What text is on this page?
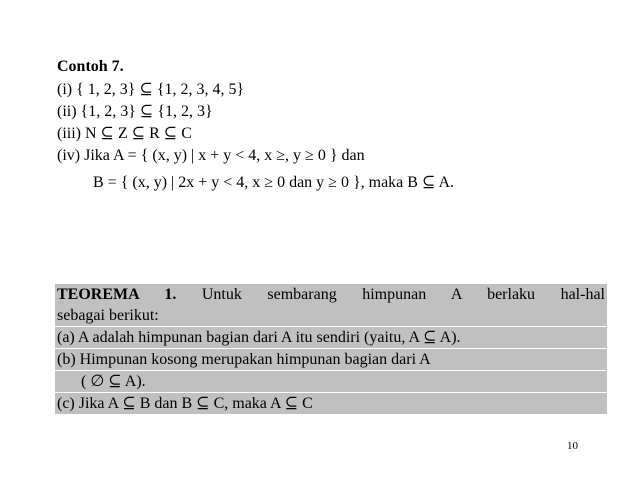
Contoh 7.
(i) { 1, 2, 3} ⊆ {1, 2, 3, 4, 5}
(ii) {1, 2, 3} ⊆ {1, 2, 3}
(iii) N ⊆ Z ⊆ R ⊆ C
(iv) Jika A = { (x, y) | x + y < 4, x ≥, y ≥ 0 } dan
B = { (x, y) | 2x + y < 4, x ≥ 0 dan y ≥ 0 }, maka B ⊆ A.
TEOREMA 1. Untuk sembarang himpunan A berlaku hal-hal
sebagai berikut:
(a) A adalah himpunan bagian dari A itu sendiri (yaitu, A ⊆ A).
(b) Himpunan kosong merupakan himpunan bagian dari A
( ∅ ⊆ A).
(c) Jika A ⊆ B dan B ⊆ C, maka A ⊆ C
10
